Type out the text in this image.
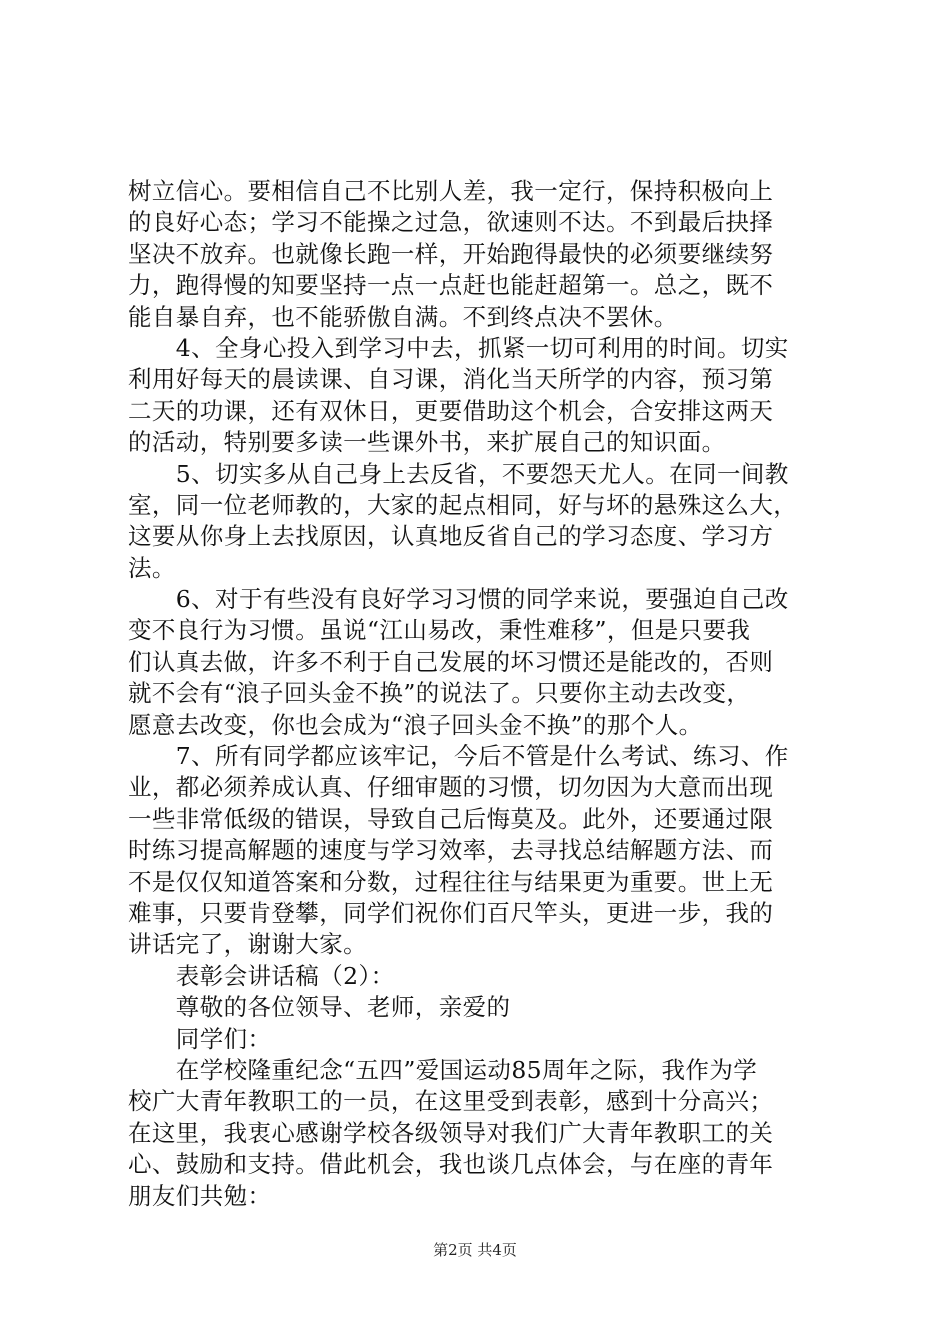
树立信心。要相信自己不比别人差，我一定行，保持积极向上
的良好心态；学习不能操之过急，欲速则不达。不到最后抉择
坚决不放弃。也就像长跑一样，开始跑得最快的必须要继续努
力，跑得慢的知要坚持一点一点赶也能赶超第一。总之，既不
能自暴自弃，也不能骄傲自满。不到终点决不罢休。
　　4、全身心投入到学习中去，抓紧一切可利用的时间。切实
利用好每天的晨读课、自习课，消化当天所学的内容，预习第
二天的功课，还有双休日，更要借助这个机会，合安排这两天
的活动，特别要多读一些课外书，来扩展自己的知识面。
　　5、切实多从自己身上去反省，不要怨天尤人。在同一间教
室，同一位老师教的，大家的起点相同，好与坏的悬殊这么大，
这要从你身上去找原因，认真地反省自己的学习态度、学习方
法。
　　6、对于有些没有良好学习习惯的同学来说，要强迫自己改
变不良行为习惯。虽说“江山易改，秉性难移”，但是只要我
们认真去做，许多不利于自己发展的坏习惯还是能改的，否则
就不会有“浪子回头金不换”的说法了。只要你主动去改变，
愿意去改变，你也会成为“浪子回头金不换”的那个人。
　　7、所有同学都应该牢记，今后不管是什么考试、练习、作
业，都必须养成认真、仔细审题的习惯，切勿因为大意而出现
一些非常低级的错误，导致自己后悔莫及。此外，还要通过限
时练习提高解题的速度与学习效率，去寻找总结解题方法、而
不是仅仅知道答案和分数，过程往往与结果更为重要。世上无
难事，只要肯登攀，同学们祝你们百尺竿头，更进一步，我的
讲话完了，谢谢大家。
　　表彰会讲话稿（2）：
　　尊敬的各位领导、老师，亲爱的
　　同学们：
　　在学校隆重纪念“五四”爱国运动85周年之际，我作为学
校广大青年教职工的一员，在这里受到表彰，感到十分高兴；
在这里，我衷心感谢学校各级领导对我们广大青年教职工的关
心、鼓励和支持。借此机会，我也谈几点体会，与在座的青年
朋友们共勉：
第2页 共4页
